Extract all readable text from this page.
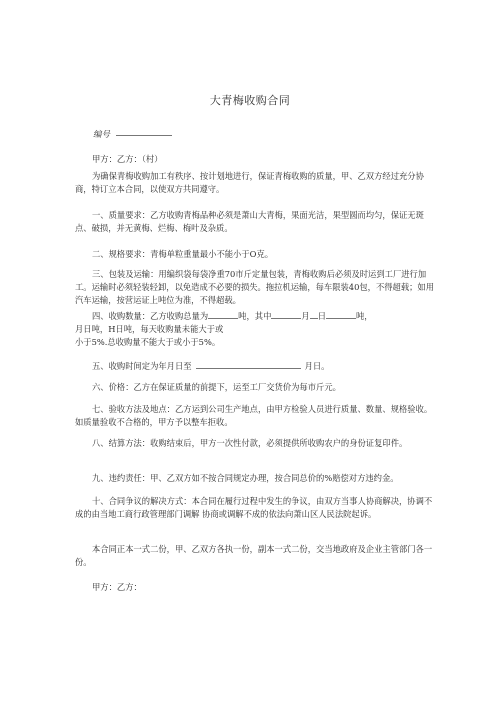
大青梅收购合同
编号

甲方：乙方：（村）

为确保青梅收购加工有秩序、按计划地进行，保证青梅收购的质量，甲、乙双方经过充分协商，特订立本合同，以使双方共同遵守。

一、质量要求：乙方收购青梅品种必须是萧山大青梅，果面光洁，果型圆而均匀，保证无斑点、破损，并无黄梅、烂梅、梅叶及杂质。

二、规格要求：青梅单粒重量最小不能小于O克。

三、包装及运输：用编织袋每袋净重70市斤定量包装，青梅收购后必须及时运到工厂进行加工。运输时必须轻装轻卸，以免造成不必要的损失。拖拉机运输，每车限装40包，不得超载；如用汽车运输，按营运证上吨位为准，不得超载。

四、收购数量：乙方收购总量为	吨，其中	月 日	吨，

月日吨，H日吨，每天收购量未能大于或

小于5%.总收购量不能大于或小于5%。

五、收购时间定为年月日至	月日。

六、价格：乙方在保证质量的前提下，运至工厂交货价为每市斤元。

七、验收方法及地点：乙方运到公司生产地点，由甲方检验人员进行质量、数量、规格验收。如质量验收不合格的，甲方予以整车拒收。

八、结算方法：收购结束后，甲方一次性付款，必须提供所收购农户的身份证复印件。

九、违约责任：甲、乙双方如不按合同规定办理，按合同总价的%赔偿对方违约金。

十、合同争议的解决方式：本合同在履行过程中发生的争议，由双方当事人协商解决，协调不成的由当地工商行政管理部门调解 协商或调解不成的依法向萧山区人民法院起诉。

本合同正本一式二份，甲、乙双方各执一份，副本一式二份，交当地政府及企业主管部门各一份。

甲方：乙方：
